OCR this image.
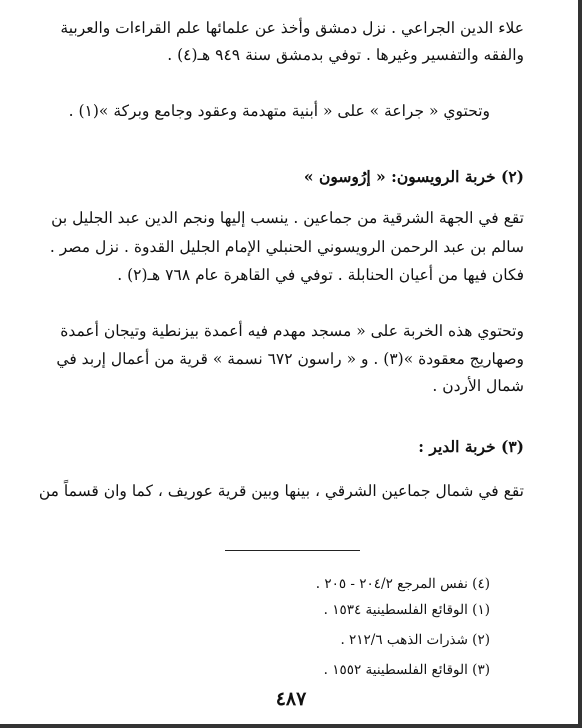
علاء الدين الجراعي . نزل دمشق وأخذ عن علمائها علم القراءات والعربية
والفقه والتفسير وغيرها . توفي بدمشق سنة ٩٤٩ هـ(٤) .
وتحتوي « جراعة » على « أبنية متهدمة وعقود وجامع وبركة »(١) .
(٢) خربة الرويسون: « إرُوسون »
تقع في الجهة الشرقية من جماعين . ينسب إليها ونجم الدين عبد الجليل بن
سالم بن عبد الرحمن الرويسوني الحنبلي الإمام الجليل القدوة . نزل مصر .
فكان فيها من أعيان الحنابلة . توفي في القاهرة عام ٧٦٨ هـ(٢) .
وتحتوي هذه الخربة على « مسجد مهدم فيه أعمدة بيزنطية وتيجان أعمدة
وصهاريج معقودة »(٣) . و « راسون ٦٧٢ نسمة » قرية من أعمال إربد في
شمال الأردن .
(٣) خربة الدير :
تقع في شمال جماعين الشرقي ، بينها وبين قرية عوريف ، كما وان قسماً من
(٤) نفس المرجع ٢٠٤/٢ - ٢٠٥ .
(١) الوقائع الفلسطينية ١٥٣٤ .
(٢) شذرات الذهب ٢١٢/٦ .
(٣) الوقائع الفلسطينية ١٥٥٢ .
٤٨٧
